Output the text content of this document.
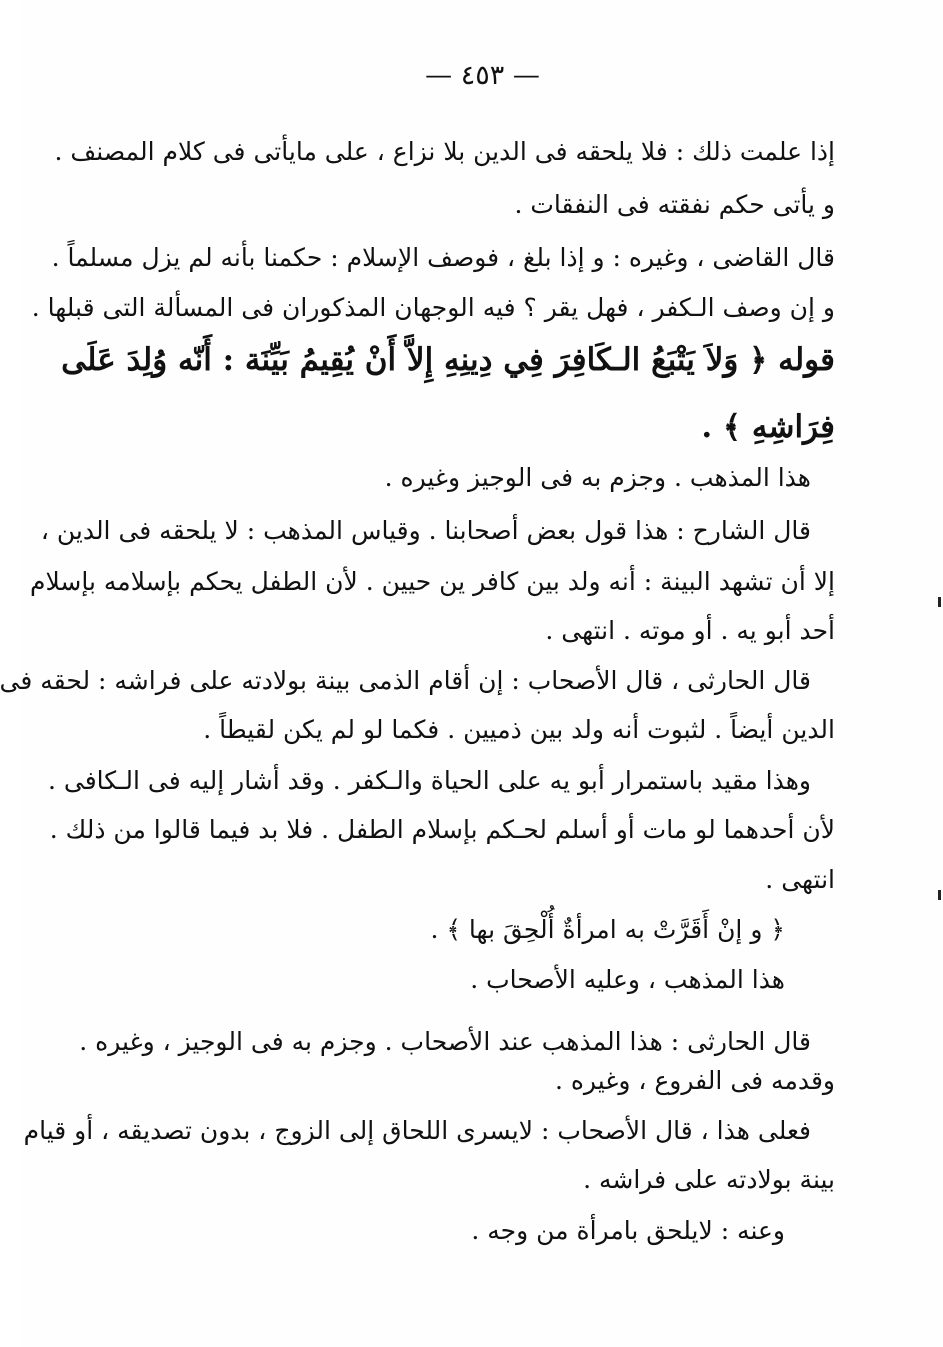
— ٤٥٣ —
إذا علمت ذلك : فلا يلحقه فى الدين بلا نزاع ، على مايأتى فى كلام المصنف .
و يأتى حكم نفقته فى النفقات .
قال القاضى ، وغيره : و إذا بلغ ، فوصف الإسلام : حكمنا بأنه لم يزل مسلماً .
و إن وصف الـكفر ، فهل يقر ؟ فيه الوجهان المذكوران فى المسألة التى قبلها .
قوله ﴿ وَلاَ يَتْبَعُ الـكَافِرَ فِي دِينِهِ إِلاَّ أَنْ يُقِيمُ بَيِّنَة : أَنّه وُلِدَ عَلَى
فِرَاشِهِ ﴾ .
هذا المذهب . وجزم به فى الوجيز وغيره .
قال الشارح : هذا قول بعض أصحابنا . وقياس المذهب : لا يلحقه فى الدين ،
إلا أن تشهد البينة : أنه ولد بين كافر ين حيين . لأن الطفل يحكم بإسلامه بإسلام
أحد أبو يه . أو موته . انتهى .
قال الحارثى ، قال الأصحاب : إن أقام الذمى بينة بولادته على فراشه : لحقه فى
الدين أيضاً . لثبوت أنه ولد بين ذميين . فكما لو لم يكن لقيطاً .
وهذا مقيد باستمرار أبو يه على الحياة والـكفر . وقد أشار إليه فى الـكافى .
لأن أحدهما لو مات أو أسلم لحـكم بإسلام الطفل . فلا بد فيما قالوا من ذلك .
انتهى .
﴿ و إنْ أَقَرَّتْ به امرأةٌ أُلْحِقَ بها ﴾ .
هذا المذهب ، وعليه الأصحاب .
قال الحارثى : هذا المذهب عند الأصحاب . وجزم به فى الوجيز ، وغيره .
وقدمه فى الفروع ، وغيره .
فعلى هذا ، قال الأصحاب : لايسرى اللحاق إلى الزوج ، بدون تصديقه ، أو قيام
بينة بولادته على فراشه .
وعنه : لايلحق بامرأة من وجه .
